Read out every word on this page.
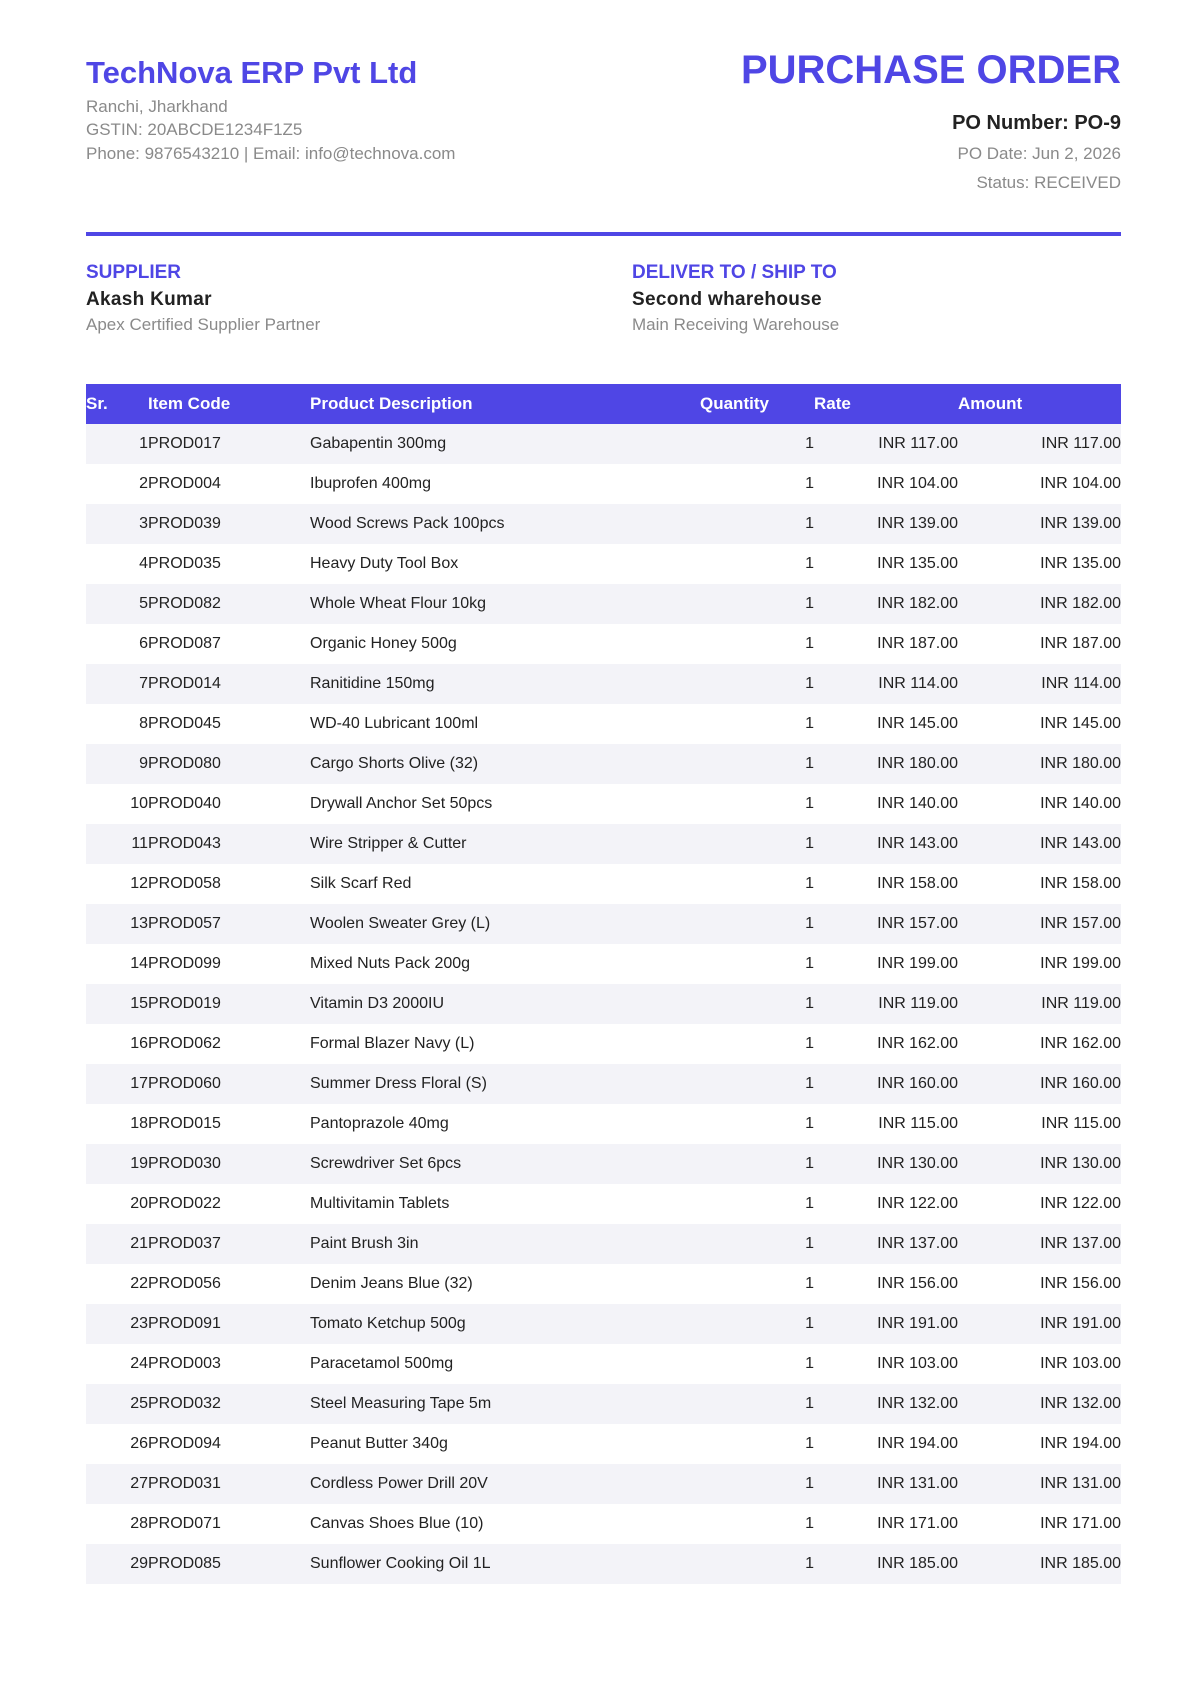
TechNova ERP Pvt Ltd
Ranchi, Jharkhand
GSTIN: 20ABCDE1234F1Z5
Phone: 9876543210 | Email: info@technova.com
PURCHASE ORDER
PO Number: PO-9
PO Date: Jun 2, 2026
Status: RECEIVED
SUPPLIER
Akash Kumar
Apex Certified Supplier Partner
DELIVER TO / SHIP TO
Second wharehouse
Main Receiving Warehouse
Sr.	Item Code	Product Description	Quantity	Rate	Amount
1	PROD017	Gabapentin 300mg	1	INR 117.00	INR 117.00
2	PROD004	Ibuprofen 400mg	1	INR 104.00	INR 104.00
3	PROD039	Wood Screws Pack 100pcs	1	INR 139.00	INR 139.00
4	PROD035	Heavy Duty Tool Box	1	INR 135.00	INR 135.00
5	PROD082	Whole Wheat Flour 10kg	1	INR 182.00	INR 182.00
6	PROD087	Organic Honey 500g	1	INR 187.00	INR 187.00
7	PROD014	Ranitidine 150mg	1	INR 114.00	INR 114.00
8	PROD045	WD-40 Lubricant 100ml	1	INR 145.00	INR 145.00
9	PROD080	Cargo Shorts Olive (32)	1	INR 180.00	INR 180.00
10	PROD040	Drywall Anchor Set 50pcs	1	INR 140.00	INR 140.00
11	PROD043	Wire Stripper & Cutter	1	INR 143.00	INR 143.00
12	PROD058	Silk Scarf Red	1	INR 158.00	INR 158.00
13	PROD057	Woolen Sweater Grey (L)	1	INR 157.00	INR 157.00
14	PROD099	Mixed Nuts Pack 200g	1	INR 199.00	INR 199.00
15	PROD019	Vitamin D3 2000IU	1	INR 119.00	INR 119.00
16	PROD062	Formal Blazer Navy (L)	1	INR 162.00	INR 162.00
17	PROD060	Summer Dress Floral (S)	1	INR 160.00	INR 160.00
18	PROD015	Pantoprazole 40mg	1	INR 115.00	INR 115.00
19	PROD030	Screwdriver Set 6pcs	1	INR 130.00	INR 130.00
20	PROD022	Multivitamin Tablets	1	INR 122.00	INR 122.00
21	PROD037	Paint Brush 3in	1	INR 137.00	INR 137.00
22	PROD056	Denim Jeans Blue (32)	1	INR 156.00	INR 156.00
23	PROD091	Tomato Ketchup 500g	1	INR 191.00	INR 191.00
24	PROD003	Paracetamol 500mg	1	INR 103.00	INR 103.00
25	PROD032	Steel Measuring Tape 5m	1	INR 132.00	INR 132.00
26	PROD094	Peanut Butter 340g	1	INR 194.00	INR 194.00
27	PROD031	Cordless Power Drill 20V	1	INR 131.00	INR 131.00
28	PROD071	Canvas Shoes Blue (10)	1	INR 171.00	INR 171.00
29	PROD085	Sunflower Cooking Oil 1L	1	INR 185.00	INR 185.00
